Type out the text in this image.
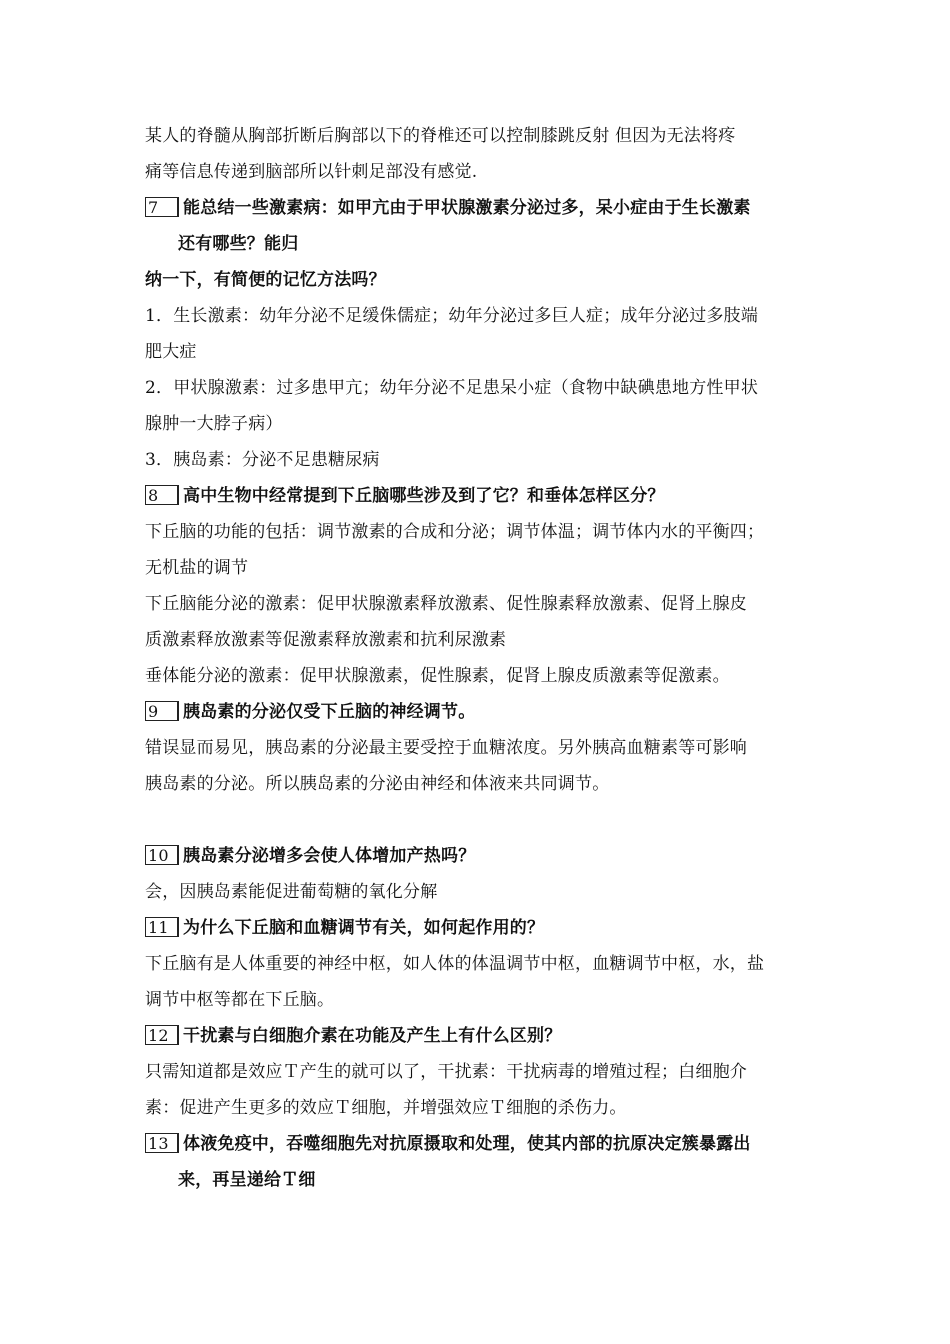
某人的脊髓从胸部折断后胸部以下的脊椎还可以控制膝跳反射 但因为无法将疼
痛等信息传递到脑部所以针刺足部没有感觉.
7 能总结一些激素病：如甲亢由于甲状腺激素分泌过多，呆小症由于生长激素
还有哪些？能归
纳一下，有简便的记忆方法吗？
1．生长激素：幼年分泌不足缓侏儒症；幼年分泌过多巨人症；成年分泌过多肢端
肥大症
2．甲状腺激素：过多患甲亢；幼年分泌不足患呆小症（食物中缺碘患地方性甲状
腺肿一大脖子病）
3．胰岛素：分泌不足患糖尿病
8 高中生物中经常提到下丘脑哪些涉及到了它？和垂体怎样区分？
下丘脑的功能的包括：调节激素的合成和分泌；调节体温；调节体内水的平衡四；
无机盐的调节
下丘脑能分泌的激素：促甲状腺激素释放激素、促性腺素释放激素、促肾上腺皮
质激素释放激素等促激素释放激素和抗利尿激素
垂体能分泌的激素：促甲状腺激素，促性腺素，促肾上腺皮质激素等促激素。
9 胰岛素的分泌仅受下丘脑的神经调节。
错误显而易见，胰岛素的分泌最主要受控于血糖浓度。另外胰高血糖素等可影响
胰岛素的分泌。所以胰岛素的分泌由神经和体液来共同调节。
10 胰岛素分泌增多会使人体增加产热吗？
会，因胰岛素能促进葡萄糖的氧化分解
11 为什么下丘脑和血糖调节有关，如何起作用的？
下丘脑有是人体重要的神经中枢，如人体的体温调节中枢，血糖调节中枢，水，盐
调节中枢等都在下丘脑。
12 干扰素与白细胞介素在功能及产生上有什么区别？
只需知道都是效应Ｔ产生的就可以了，干扰素：干扰病毒的增殖过程；白细胞介
素：促进产生更多的效应Ｔ细胞，并增强效应Ｔ细胞的杀伤力。
13 体液免疫中，吞噬细胞先对抗原摄取和处理，使其内部的抗原决定簇暴露出
来，再呈递给Ｔ细
